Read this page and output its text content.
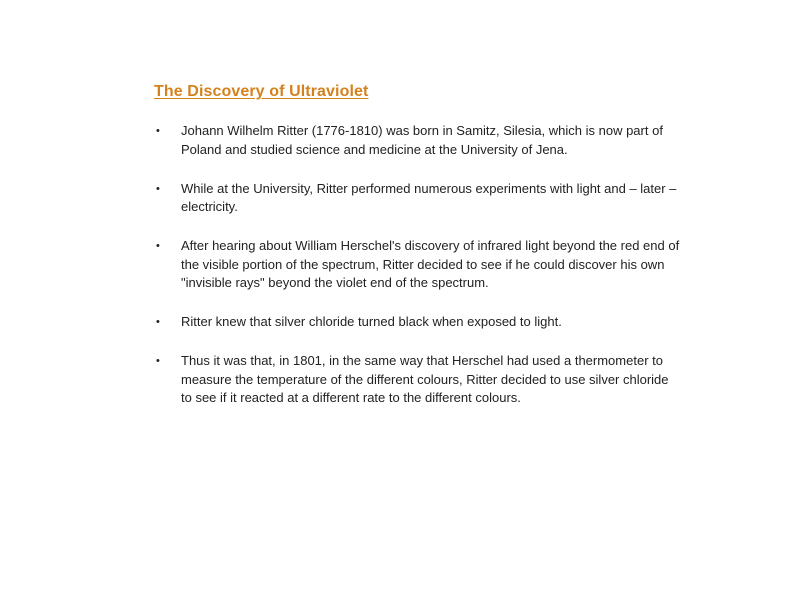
The Discovery of Ultraviolet
• Johann Wilhelm Ritter (1776-1810) was born in Samitz, Silesia, which is now part of Poland and studied science and medicine at the University of Jena.
• While at the University, Ritter performed numerous experiments with light and – later – electricity.
• After hearing about William Herschel's discovery of infrared light beyond the red end of the visible portion of the spectrum, Ritter decided to see if he could discover his own "invisible rays" beyond the violet end of the spectrum.
• Ritter knew that silver chloride turned black when exposed to light.
• Thus it was that, in 1801, in the same way that Herschel had used a thermometer to measure the temperature of the different colours, Ritter decided to use silver chloride to see if it reacted at a different rate to the different colours.
